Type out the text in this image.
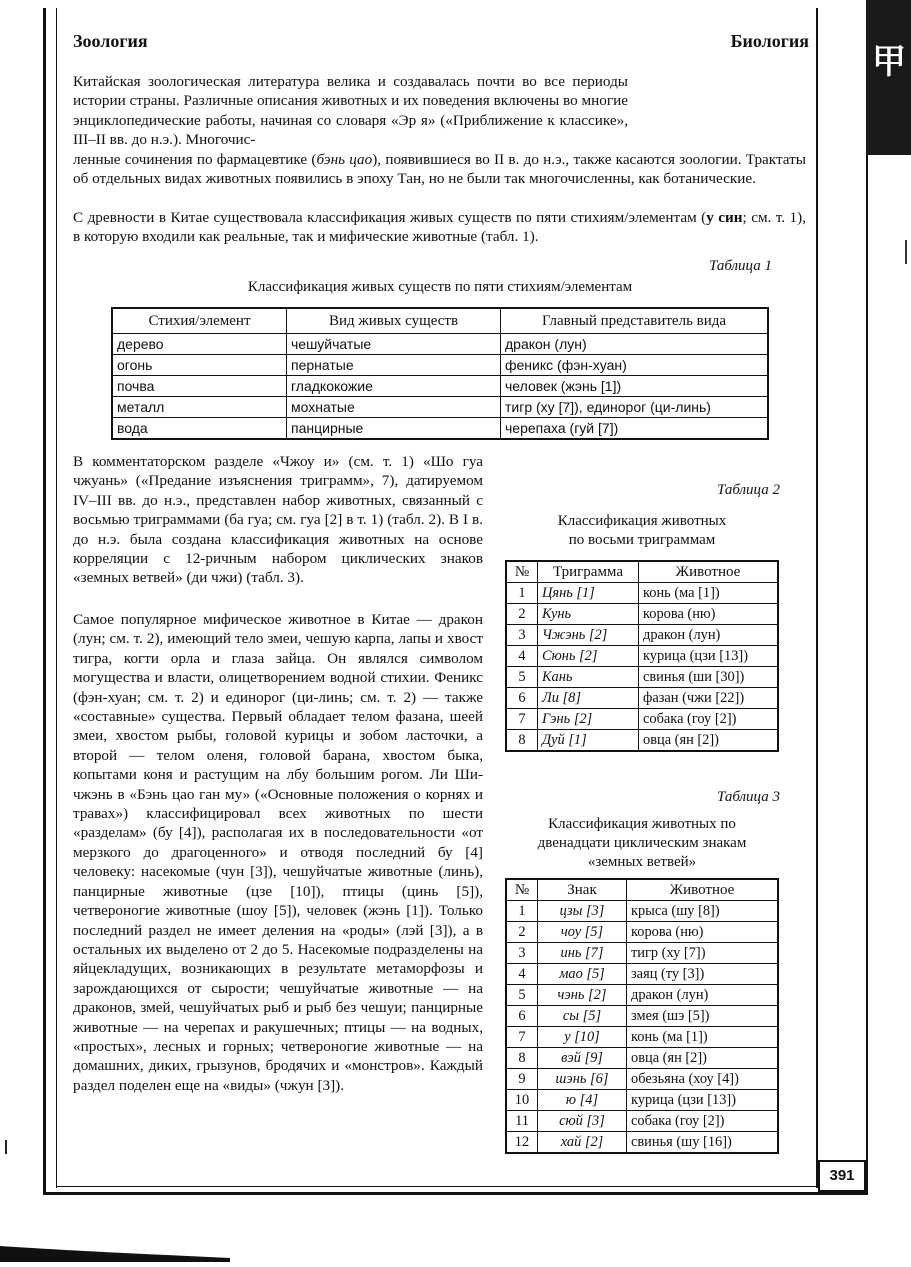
甲
391
Зоология	Биология

Китайская зоологическая литература велика и создавалась почти во все периоды истории страны. Различные описания животных и их поведения включены во многие энциклопедические работы, начиная со словаря «Эр я» («Приближение к классике», III–II вв. до н.э.). Многочис-

ленные сочинения по фармацевтике (бэнь цао), появившиеся во II в. до н.э., также касаются зоологии. Трактаты об отдельных видах животных появились в эпоху Тан, но не были так многочисленны, как ботанические.

С древности в Китае существовала классификация живых существ по пяти стихиям/элементам (у син; см. т. 1), в которую входили как реальные, так и мифические животные (табл. 1).

Таблица 1
Классификация живых существ по пяти стихиям/элементам
Стихия/элемент	Вид живых существ	Главный представитель вида
дерево	чешуйчатые	дракон (лун)
огонь	пернатые	феникс (фэн-хуан)
почва	гладкокожие	человек (жэнь [1])
металл	мохнатые	тигр (ху [7]), единорог (ци-линь)
вода	панцирные	черепаха (гуй [7])

В комментаторском разделе «Чжоу и» (см. т. 1) «Шо гуа чжуань» («Предание изъяснения триграмм», 7), датируемом IV–III вв. до н.э., представлен набор животных, связанный с восьмью триграммами (ба гуа; см. гуа [2] в т. 1) (табл. 2). В I в. до н.э. была создана классификация животных на основе корреляции с 12-ричным набором циклических знаков «земных ветвей» (ди чжи) (табл. 3).

Самое популярное мифическое животное в Китае — дракон (лун; см. т. 2), имеющий тело змеи, чешую карпа, лапы и хвост тигра, когти орла и глаза зайца. Он являлся символом могущества и власти, олицетворением водной стихии. Феникс (фэн-хуан; см. т. 2) и единорог (ци-линь; см. т. 2) — также «составные» существа. Первый обладает телом фазана, шеей змеи, хвостом рыбы, головой курицы и зобом ласточки, а второй — телом оленя, головой барана, хвостом быка, копытами коня и растущим на лбу большим рогом. Ли Ши-чжэнь в «Бэнь цао ган му» («Основные положения о корнях и травах») классифицировал всех животных по шести «разделам» (бу [4]), располагая их в последовательности «от мерзкого до драгоценного» и отводя последний бу [4] человеку: насекомые (чун [3]), чешуйчатые животные (линь), панцирные животные (цзе [10]), птицы (цинь [5]), четвероногие животные (шоу [5]), человек (жэнь [1]). Только последний раздел не имеет деления на «роды» (лэй [3]), а в остальных их выделено от 2 до 5. Насекомые подразделены на яйцекладущих, возникающих в результате метаморфозы и зарождающихся от сырости; чешуйчатые животные — на драконов, змей, чешуйчатых рыб и рыб без чешуи; панцирные животные — на черепах и ракушечных; птицы — на водных, «простых», лесных и горных; четвероногие животные — на домашних, диких, грызунов, бродячих и «монстров». Каждый раздел поделен еще на «виды» (чжун [3]).

Таблица 2
Классификация животных
по восьми триграммам
№	Триграмма	Животное
1	Цянь [1]	конь (ма [1])
2	Кунь	корова (ню)
3	Чжэнь [2]	дракон (лун)
4	Сюнь [2]	курица (цзи [13])
5	Кань	свинья (ши [30])
6	Ли [8]	фазан (чжи [22])
7	Гэнь [2]	собака (гоу [2])
8	Дуй [1]	овца (ян [2])
Таблица 3
Классификация животных по
двенадцати циклическим знакам
«земных ветвей»
№	Знак	Животное
1	цзы [3]	крыса (шу [8])
2	чоу [5]	корова (ню)
3	инь [7]	тигр (ху [7])
4	мао [5]	заяц (ту [3])
5	чэнь [2]	дракон (лун)
6	сы [5]	змея (шэ [5])
7	у [10]	конь (ма [1])
8	вэй [9]	овца (ян [2])
9	шэнь [6]	обезьяна (хоу [4])
10	ю [4]	курица (цзи [13])
11	сюй [3]	собака (гоу [2])
12	хай [2]	свинья (шу [16])
